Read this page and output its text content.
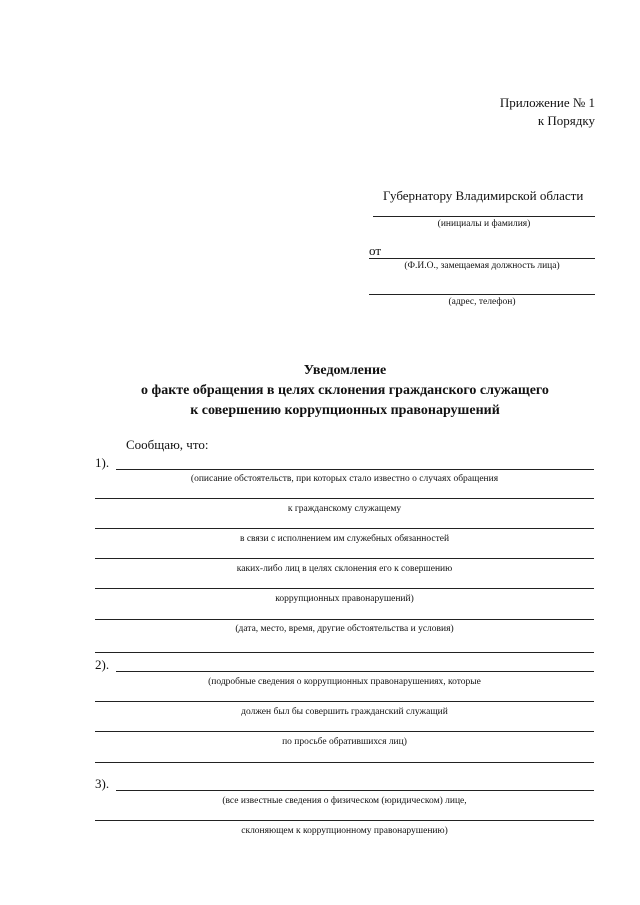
Приложение № 1
к Порядку
Губернатору Владимирской области
(инициалы и фамилия)
от
(Ф.И.О., замещаемая должность лица)
(адрес, телефон)
Уведомление
о факте обращения в целях склонения гражданского служащего
к совершению коррупционных правонарушений
Сообщаю, что:
1).
(описание обстоятельств, при которых стало известно о случаях обращения
к гражданскому служащему
в связи с исполнением им служебных обязанностей
каких-либо лиц в целях склонения его к совершению
коррупционных правонарушений)
(дата, место, время, другие обстоятельства и условия)
2).
(подробные сведения о коррупционных правонарушениях, которые
должен был бы совершить гражданский служащий
по просьбе обратившихся лиц)
3).
(все известные сведения о физическом (юридическом) лице,
склоняющем к коррупционному правонарушению)
